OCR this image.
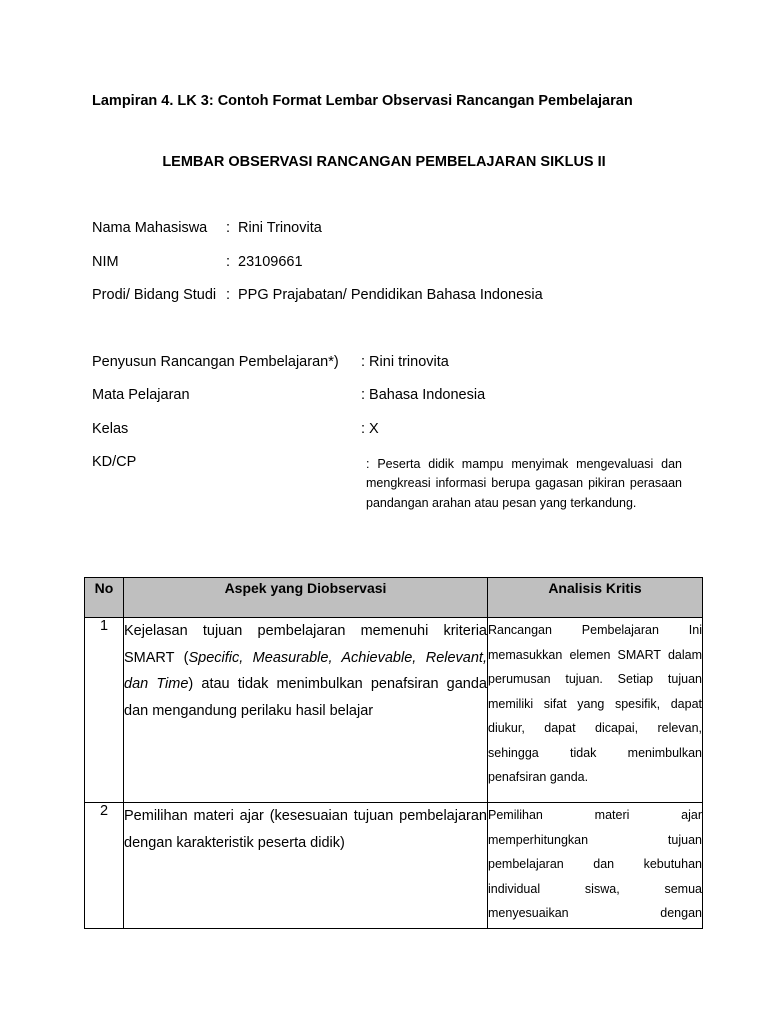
Lampiran 4. LK 3: Contoh Format Lembar Observasi Rancangan Pembelajaran
LEMBAR OBSERVASI RANCANGAN PEMBELAJARAN SIKLUS II
Nama Mahasiswa : Rini Trinovita
NIM	: 23109661
Prodi/ Bidang Studi : PPG Prajabatan/ Pendidikan Bahasa Indonesia
Penyusun Rancangan Pembelajaran*) : Rini trinovita
Mata Pelajaran	: Bahasa Indonesia
Kelas	: X
KD/CP	: Peserta didik mampu menyimak mengevaluasi dan mengkreasi informasi berupa gagasan pikiran perasaan pandangan arahan atau pesan yang terkandung.
No	Aspek yang Diobservasi	Analisis Kritis

1	Kejelasan tujuan pembelajaran memenuhi kriteria SMART (Specific, Measurable, Achievable, Relevant, dan Time) atau tidak menimbulkan penafsiran ganda dan mengandung perilaku hasil belajar	Rancangan Pembelajaran Ini memasukkan elemen SMART dalam perumusan tujuan. Setiap tujuan memiliki sifat yang spesifik, dapat diukur, dapat dicapai, relevan, sehingga tidak menimbulkan penafsiran ganda.
2	Pemilihan materi ajar (kesesuaian tujuan pembelajaran dengan karakteristik peserta didik)	Pemilihan materi ajar memperhitungkan tujuan pembelajaran dan kebutuhan individual siswa, semua menyesuaikan dengan
